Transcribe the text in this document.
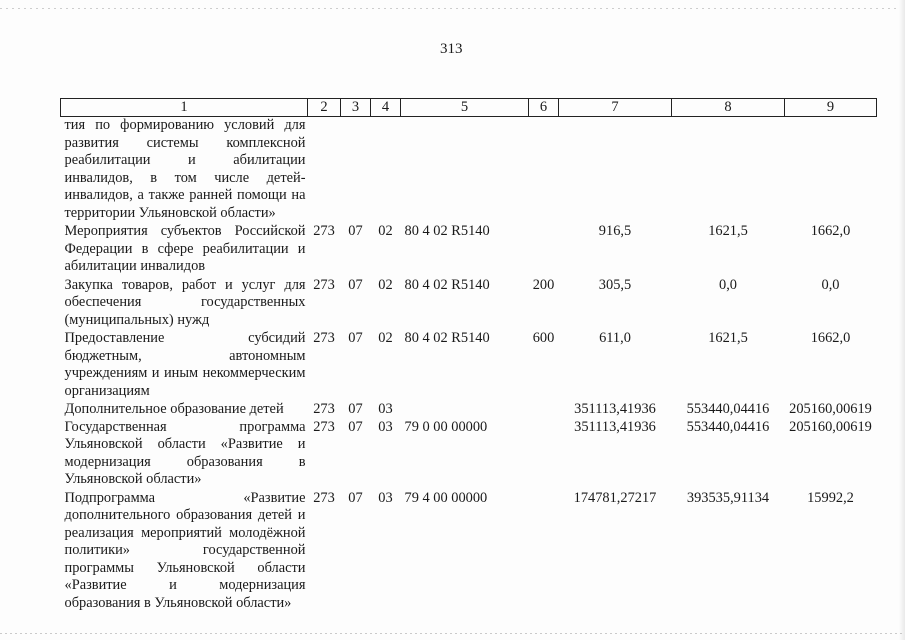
313
1	2	3	4	5	6	7	8	9
тия по формированию условий для развития системы комплексной реабилитации и абилитации инвалидов, в том числе детей-инвалидов, а также ранней помощи на территории Ульяновской области»								
Мероприятия субъектов Российской Федерации в сфере реабилитации и абилитации инвалидов	273	07	02	80 4 02 R5140		916,5	1621,5	1662,0
Закупка товаров, работ и услуг для обеспечения государственных (муниципальных) нужд	273	07	02	80 4 02 R5140	200	305,5	0,0	0,0
Предоставление субсидий бюджетным, автономным учреждениям и иным некоммерческим организациям	273	07	02	80 4 02 R5140	600	611,0	1621,5	1662,0
Дополнительное образование детей	273	07	03			351113,41936	553440,04416	205160,00619
Государственная программа Ульяновской области «Развитие и модернизация образования в Ульяновской области»	273	07	03	79 0 00 00000		351113,41936	553440,04416	205160,00619
Подпрограмма «Развитие дополнительного образования детей и реализация мероприятий молодёжной политики» государственной программы Ульяновской области «Развитие и модернизация образования в Ульяновской области»	273	07	03	79 4 00 00000		174781,27217	393535,91134	15992,2
